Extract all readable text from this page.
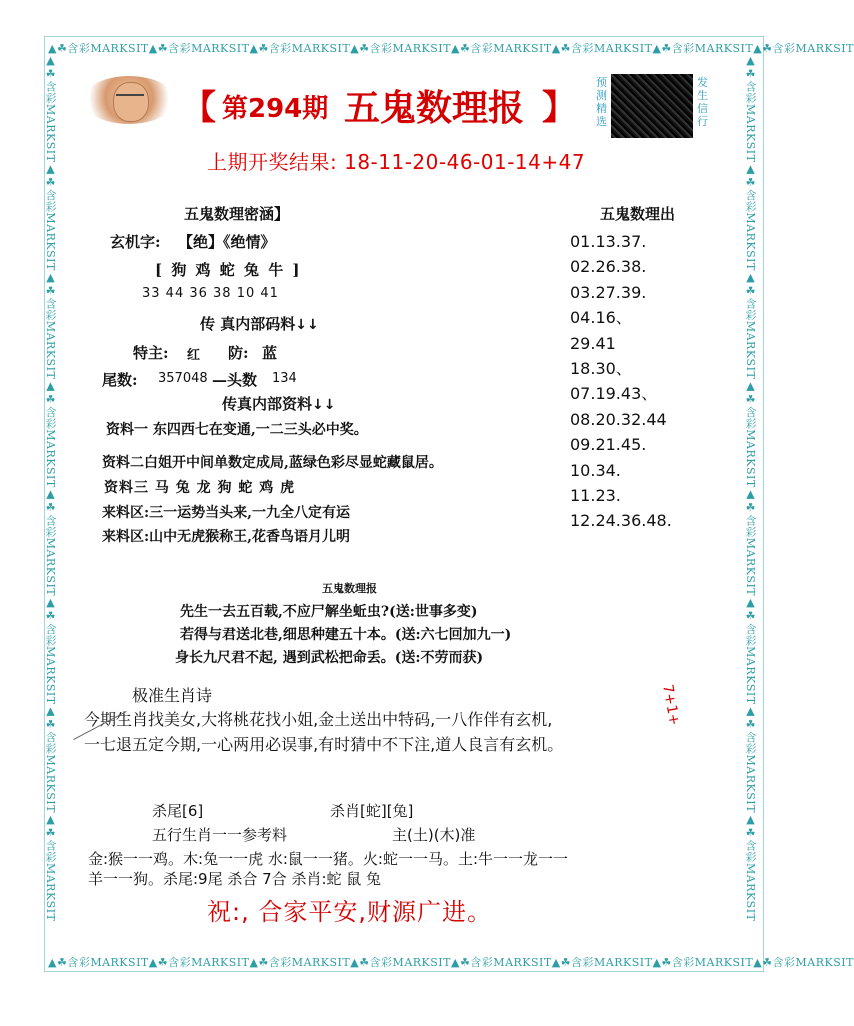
▲☘含彩MARKSIT▲☘含彩MARKSIT▲☘含彩MARKSIT▲☘含彩MARKSIT▲☘含彩MARKSIT▲☘含彩MARKSIT▲☘含彩MARKSIT▲☘含彩MARKSIT
▲☘含彩MARKSIT▲☘含彩MARKSIT▲☘含彩MARKSIT▲☘含彩MARKSIT▲☘含彩MARKSIT▲☘含彩MARKSIT▲☘含彩MARKSIT▲☘含彩MARKSIT
▲☘含彩MARKSIT▲☘含彩MARKSIT▲☘含彩MARKSIT▲☘含彩MARKSIT▲☘含彩MARKSIT▲☘含彩MARKSIT▲☘含彩MARKSIT▲☘含彩MARKSIT	▲☘含彩MARKSIT▲☘含彩MARKSIT▲☘含彩MARKSIT▲☘含彩MARKSIT▲☘含彩MARKSIT▲☘含彩MARKSIT▲☘含彩MARKSIT▲☘含彩MARKSIT
【 第294期 五鬼数理报 】
预测精选
发生信行
上期开奖结果: 18-11-20-46-01-14+47
五鬼数理密涵】
玄机字: 【绝】《绝情》
[ 狗 鸡 蛇 兔 牛 ]
33 44 36 38 10 41
传 真内部码料↓↓
特主: 红 防: 蓝
尾数: 357048 —头数 134
传真内部资料↓↓
资料一 东四西七在变通,一二三头必中奖。
资料二白姐开中间单数定成局,蓝绿色彩尽显蛇藏鼠居。
资料三 马 兔 龙 狗 蛇 鸡 虎
来料区:三一运势当头来,一九全八定有运
来料区:山中无虎猴称王,花香鸟语月儿明
五鬼数理出
01.13.37.
02.26.38.
03.27.39.
04.16、
29.41
18.30、
07.19.43、
08.20.32.44
09.21.45.
10.34.
11.23.
12.24.36.48.
五鬼数理报
先生一去五百载,不应尸解坐蚯虫?(送:世事多变)
若得与君送北巷,细思种建五十本。(送:六七回加九一)
身长九尺君不起, 遇到武松把命丢。(送:不劳而获)
极准生肖诗
今期生肖找美女,大将桃花找小姐,金土送出中特码,一八作伴有玄机,
一七退五定今期,一心两用必误事,有时猜中不下注,道人良言有玄机。
7+1+
杀尾[6]	杀肖[蛇][兔]
五行生肖一一参考料	主(土)(木)准
金:猴一一鸡。木:兔一一虎 水:鼠一一猪。火:蛇一一马。土:牛一一龙一一
羊一一狗。杀尾:9尾 杀合 7合 杀肖:蛇 鼠 兔
祝:, 合家平安,财源广进。
